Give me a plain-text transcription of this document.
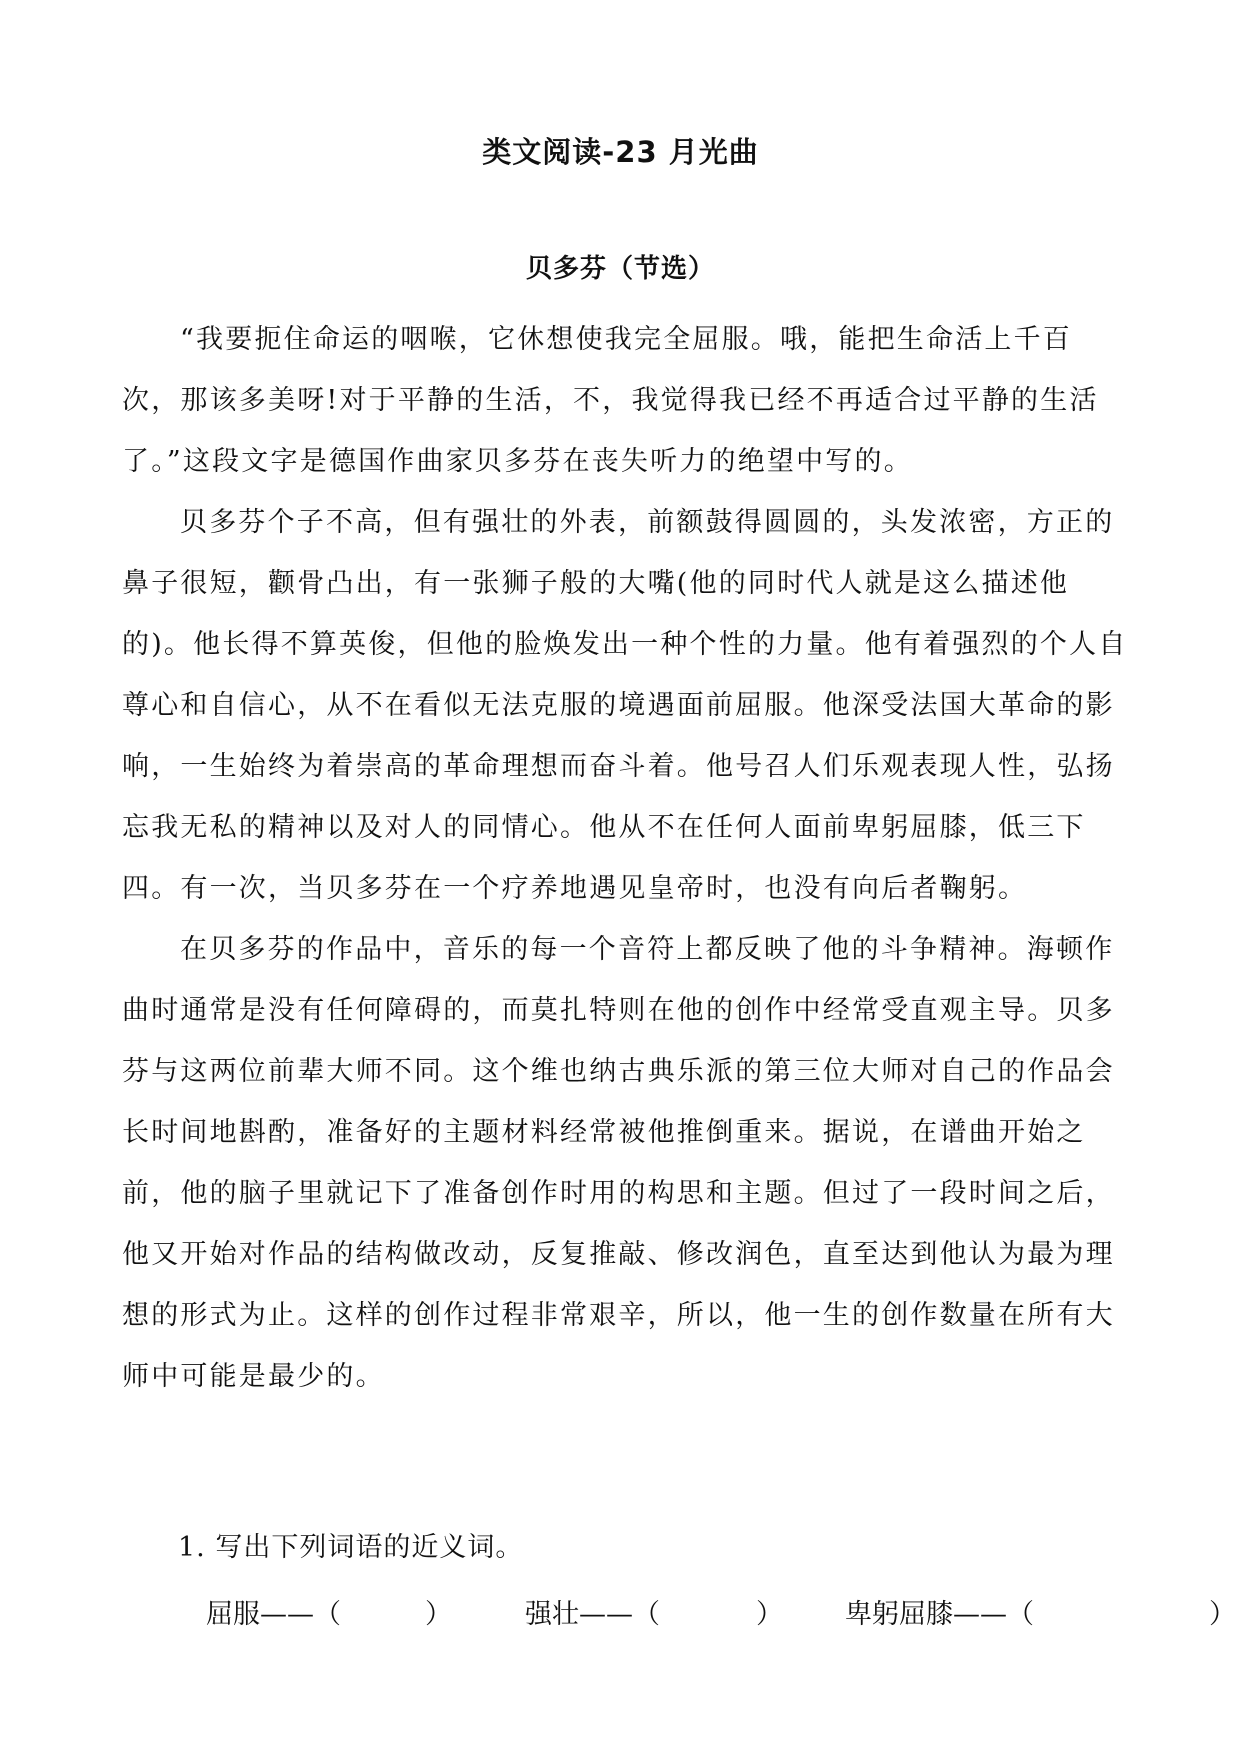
类文阅读-23 月光曲
贝多芬（节选）

“我要扼住命运的咽喉，它休想使我完全屈服。哦，能把生命活上千百次，那该多美呀!对于平静的生活，不，我觉得我已经不再适合过平静的生活了。”这段文字是德国作曲家贝多芬在丧失听力的绝望中写的。

贝多芬个子不高，但有强壮的外表，前额鼓得圆圆的，头发浓密，方正的鼻子很短，颧骨凸出，有一张狮子般的大嘴(他的同时代人就是这么描述他的)。他长得不算英俊，但他的脸焕发出一种个性的力量。他有着强烈的个人自尊心和自信心，从不在看似无法克服的境遇面前屈服。他深受法国大革命的影响，一生始终为着崇高的革命理想而奋斗着。他号召人们乐观表现人性，弘扬忘我无私的精神以及对人的同情心。他从不在任何人面前卑躬屈膝，低三下四。有一次，当贝多芬在一个疗养地遇见皇帝时，也没有向后者鞠躬。

在贝多芬的作品中，音乐的每一个音符上都反映了他的斗争精神。海顿作曲时通常是没有任何障碍的，而莫扎特则在他的创作中经常受直观主导。贝多芬与这两位前辈大师不同。这个维也纳古典乐派的第三位大师对自己的作品会长时间地斟酌，准备好的主题材料经常被他推倒重来。据说，在谱曲开始之前，他的脑子里就记下了准备创作时用的构思和主题。但过了一段时间之后，他又开始对作品的结构做改动，反复推敲、修改润色，直至达到他认为最为理想的形式为止。这样的创作过程非常艰辛，所以，他一生的创作数量在所有大师中可能是最少的。

1. 写出下列词语的近义词。
屈服——（	）	强壮——（	） 卑躬屈膝——（	）
